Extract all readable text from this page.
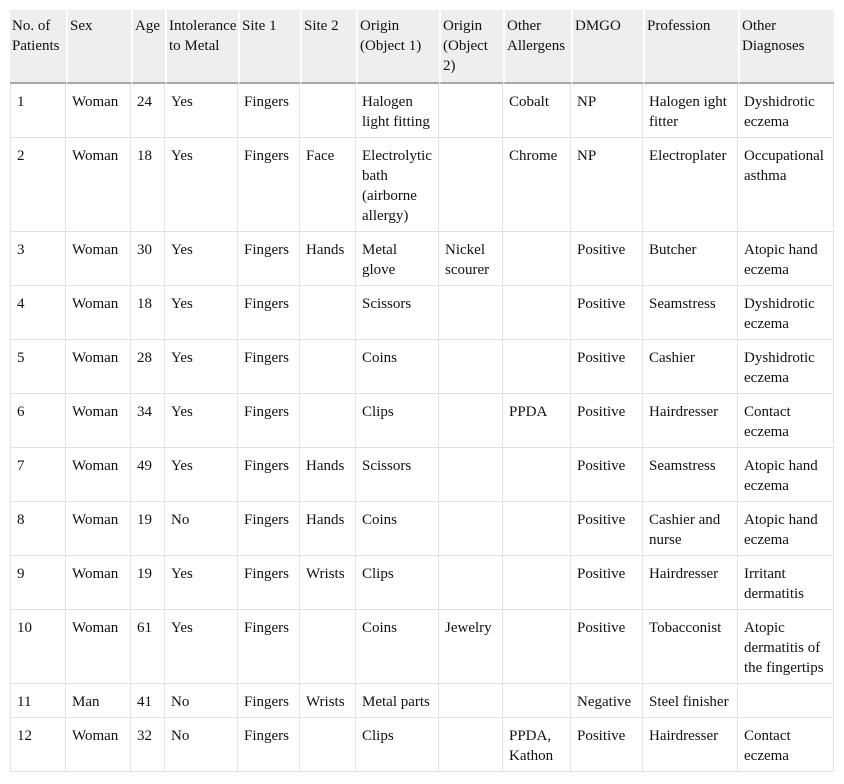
No. of Patients	Sex	Age	Intolerance to Metal	Site 1	Site 2	Origin (Object 1)	Origin (Object 2)	Other Allergens	DMGO	Profession	Other Diagnoses
1	Woman	24	Yes	Fingers		Halogen light fitting		Cobalt	NP	Halogen ight fitter	Dyshidrotic eczema
2	Woman	18	Yes	Fingers	Face	Electrolytic bath (airborne allergy)		Chrome	NP	Electroplater	Occupational asthma
3	Woman	30	Yes	Fingers	Hands	Metal glove	Nickel scourer		Positive	Butcher	Atopic hand eczema
4	Woman	18	Yes	Fingers		Scissors			Positive	Seamstress	Dyshidrotic eczema
5	Woman	28	Yes	Fingers		Coins			Positive	Cashier	Dyshidrotic eczema
6	Woman	34	Yes	Fingers		Clips		PPDA	Positive	Hairdresser	Contact eczema
7	Woman	49	Yes	Fingers	Hands	Scissors			Positive	Seamstress	Atopic hand eczema
8	Woman	19	No	Fingers	Hands	Coins			Positive	Cashier and nurse	Atopic hand eczema
9	Woman	19	Yes	Fingers	Wrists	Clips			Positive	Hairdresser	Irritant dermatitis
10	Woman	61	Yes	Fingers		Coins	Jewelry		Positive	Tobacconist	Atopic dermatitis of the fingertips
11	Man	41	No	Fingers	Wrists	Metal parts			Negative	Steel finisher	
12	Woman	32	No	Fingers		Clips		PPDA, Kathon	Positive	Hairdresser	Contact eczema
